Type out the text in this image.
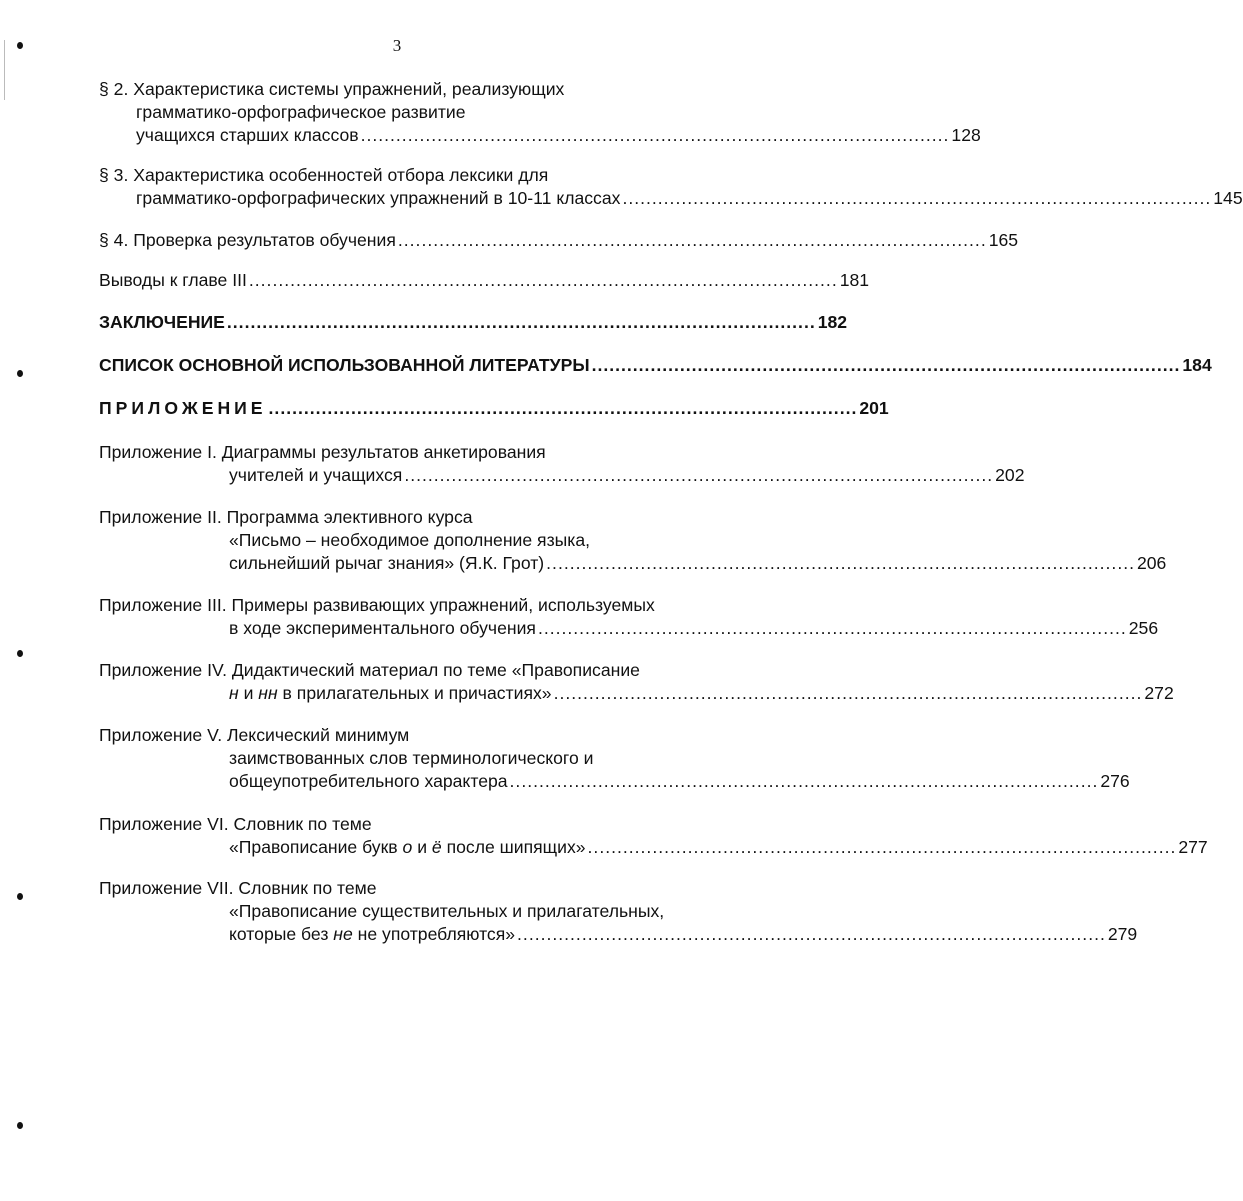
3
§ 2. Характеристика системы упражнений, реализующих
грамматико-орфографическое развитие
учащихся старших классов .................................................................................................... 128
§ 3. Характеристика особенностей отбора лексики для
грамматико-орфографических упражнений в 10-11 классах .................................................................................................... 145
§ 4. Проверка результатов обучения .................................................................................................... 165
Выводы к главе III .................................................................................................... 181
ЗАКЛЮЧЕНИЕ .................................................................................................... 182
СПИСОК ОСНОВНОЙ ИСПОЛЬЗОВАННОЙ ЛИТЕРАТУРЫ .................................................................................................... 184
ПРИЛОЖЕНИЕ .................................................................................................... 201
Приложение I. Диаграммы результатов анкетирования
учителей и учащихся .................................................................................................... 202
Приложение II. Программа элективного курса
«Письмо – необходимое дополнение языка,
сильнейший рычаг знания» (Я.К. Грот) .................................................................................................... 206
Приложение III. Примеры развивающих упражнений, используемых
в ходе экспериментального обучения .................................................................................................... 256
Приложение IV. Дидактический материал по теме «Правописание
н и нн в прилагательных и причастиях» .................................................................................................... 272
Приложение V. Лексический минимум
заимствованных слов терминологического и
общеупотребительного характера .................................................................................................... 276
Приложение VI. Словник по теме
«Правописание букв о и ё после шипящих» .................................................................................................... 277
Приложение VII. Словник по теме
«Правописание существительных и прилагательных,
которые без не не употребляются» .................................................................................................... 279
